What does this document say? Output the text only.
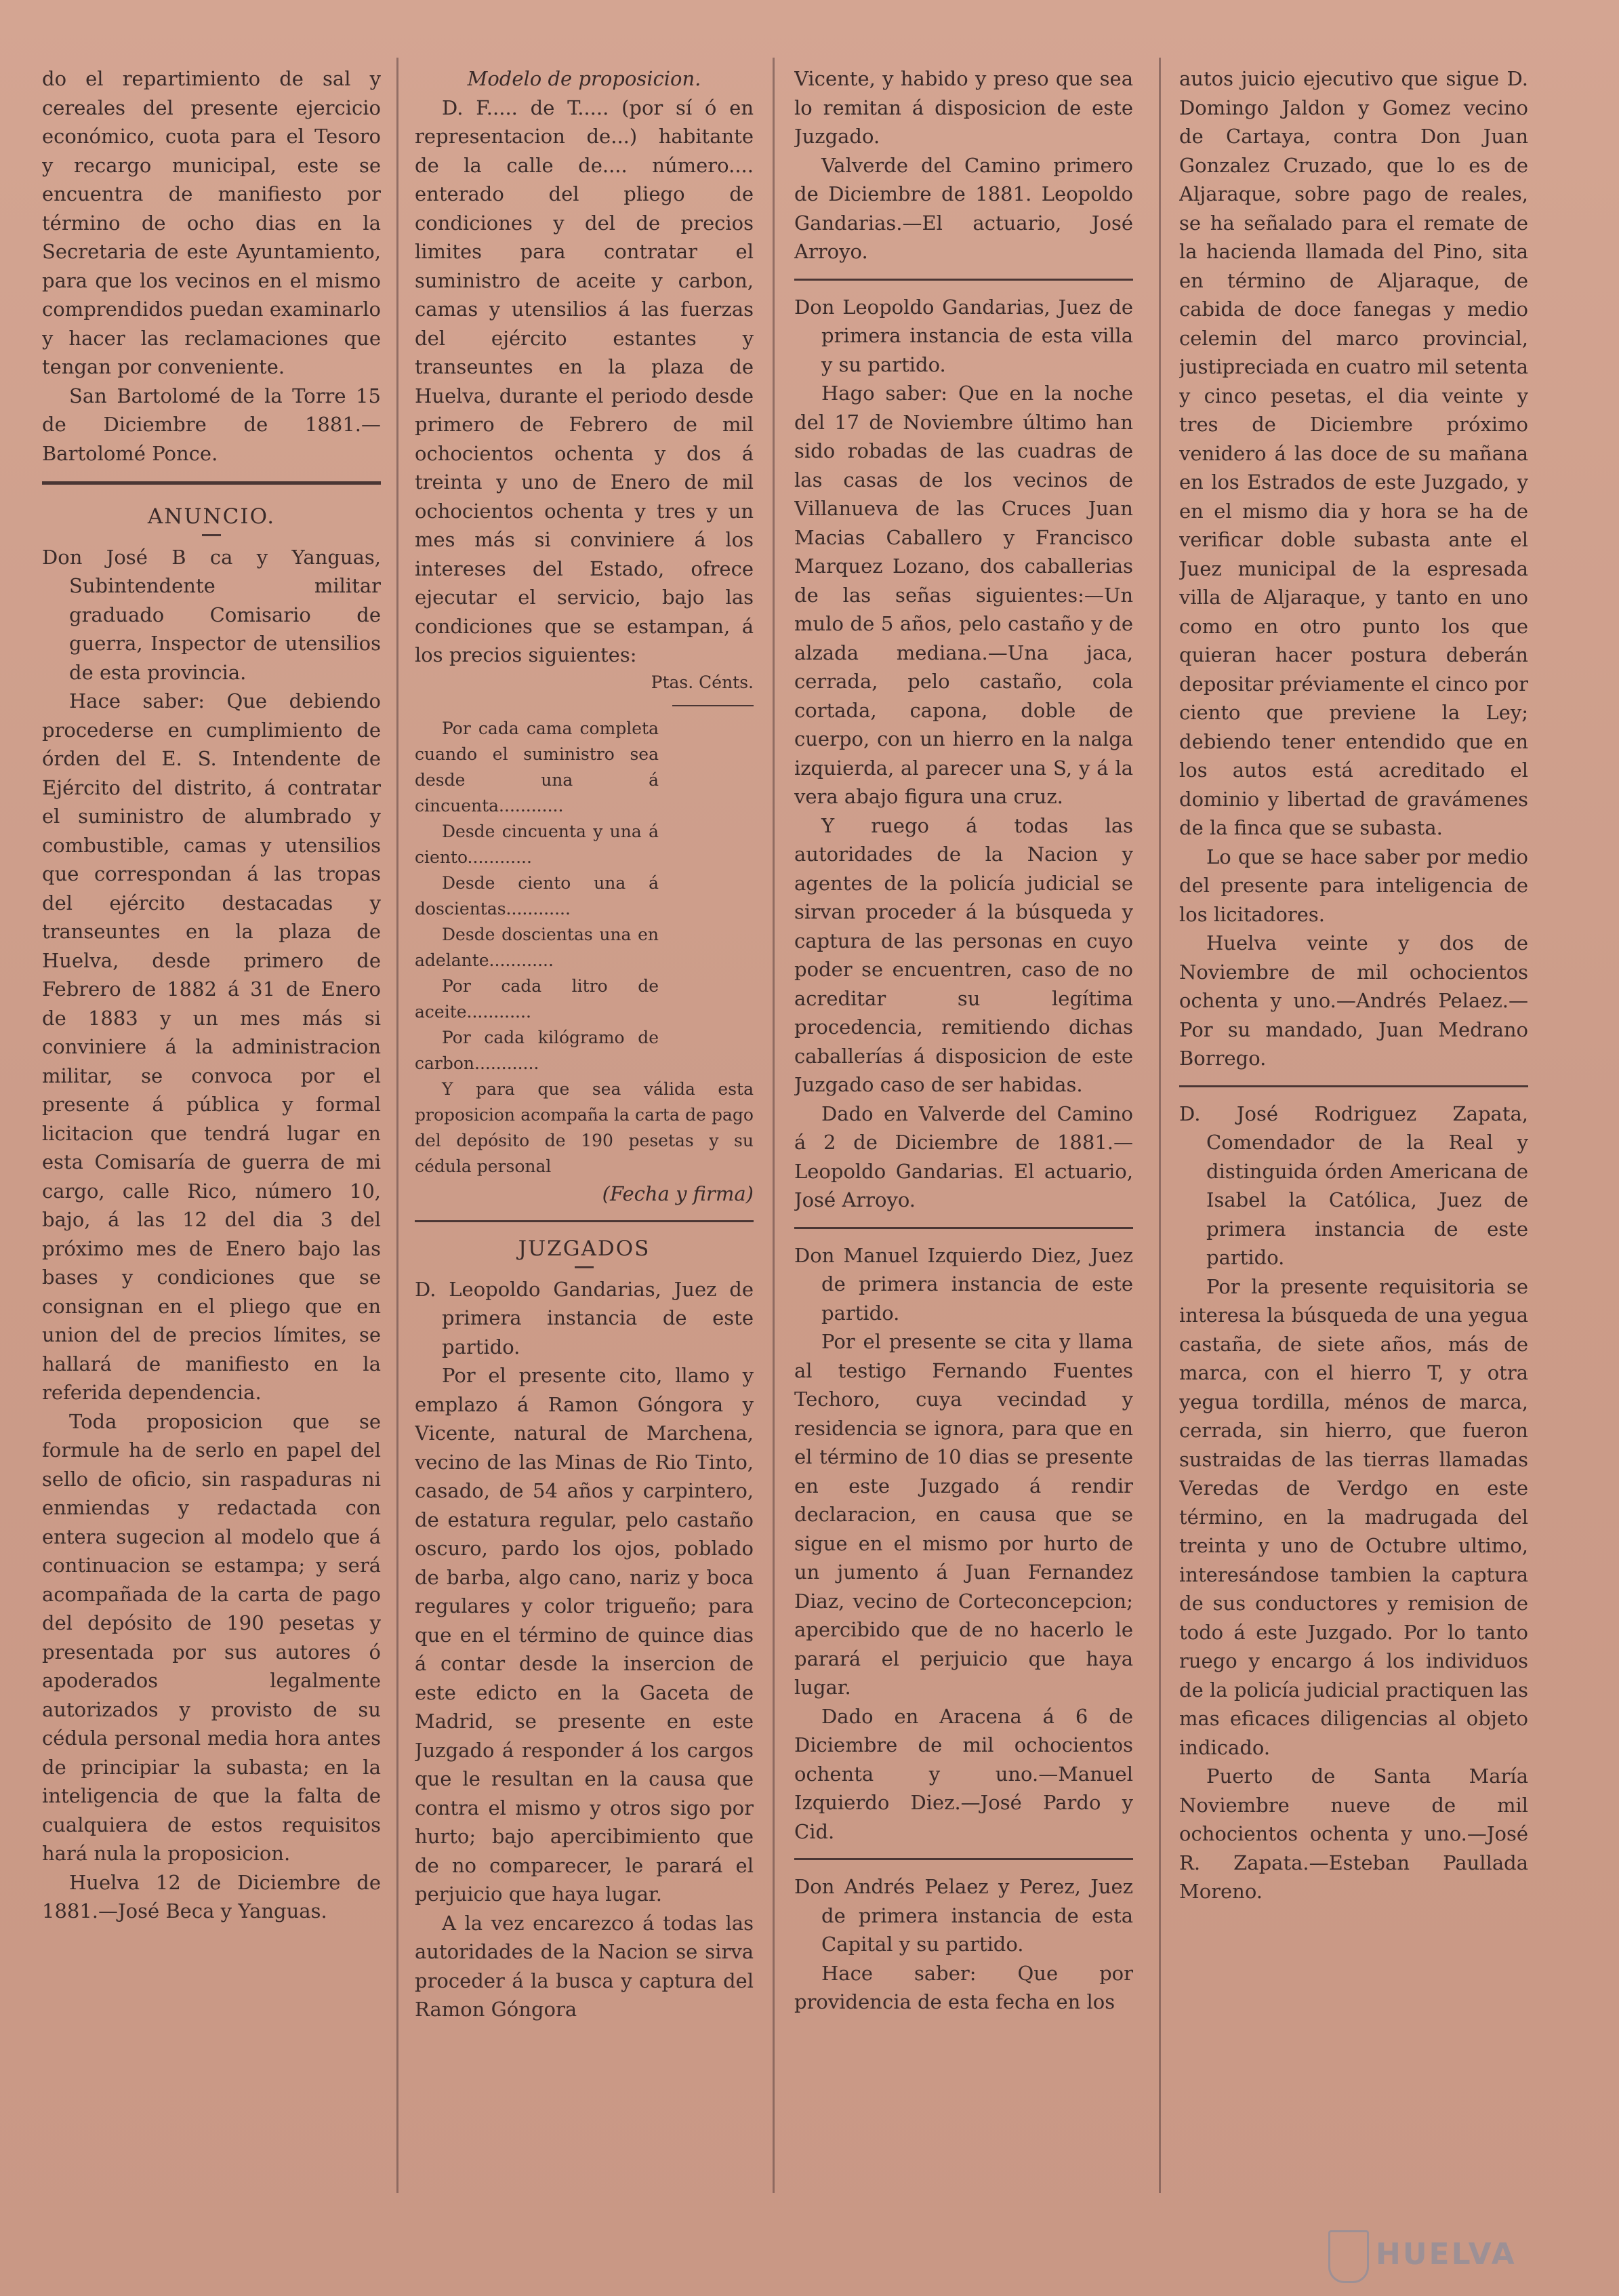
do el repartimiento de sal y cereales del presente ejercicio económico, cuota para el Tesoro y recargo municipal, este se encuentra de manifiesto por término de ocho dias en la Secretaria de este Ayuntamiento, para que los vecinos en el mismo comprendidos puedan examinarlo y hacer las reclamaciones que tengan por conveniente.

San Bartolomé de la Torre 15 de Diciembre de 1881.—Bartolomé Ponce.

ANUNCIO.

Don José B ca y Yanguas, Subintendente militar graduado Comisario de guerra, Inspector de utensilios de esta provincia.

Hace saber: Que debiendo procederse en cumplimiento de órden del E. S. Intendente de Ejército del distrito, á contratar el suministro de alumbrado y combustible, camas y utensilios que correspondan á las tropas del ejército destacadas y transeuntes en la plaza de Huelva, desde primero de Febrero de 1882 á 31 de Enero de 1883 y un mes más si conviniere á la administracion militar, se convoca por el presente á pública y formal licitacion que tendrá lugar en esta Comisaría de guerra de mi cargo, calle Rico, número 10, bajo, á las 12 del dia 3 del próximo mes de Enero bajo las bases y condiciones que se consignan en el pliego que en union del de precios límites, se hallará de manifiesto en la referida dependencia.

Toda proposicion que se formule ha de serlo en papel del sello de oficio, sin raspaduras ni enmiendas y redactada con entera sugecion al modelo que á continuacion se estampa; y será acompañada de la carta de pago del depósito de 190 pesetas y presentada por sus autores ó apoderados legalmente autorizados y provisto de su cédula personal media hora antes de principiar la subasta; en la inteligencia de que la falta de cualquiera de estos requisitos hará nula la proposicion.

Huelva 12 de Diciembre de 1881.—José Beca y Yanguas.

Modelo de proposicion.

D. F..... de T..... (por sí ó en representacion de...) habitante de la calle de.... número.... enterado del pliego de condiciones y del de precios limites para contratar el suministro de aceite y carbon, camas y utensilios á las fuerzas del ejército estantes y transeuntes en la plaza de Huelva, durante el periodo desde primero de Febrero de mil ochocientos ochenta y dos á treinta y uno de Enero de mil ochocientos ochenta y tres y un mes más si conviniere á los intereses del Estado, ofrece ejecutar el servicio, bajo las condiciones que se estampan, á los precios siguientes:

Ptas. Cénts.

Por cada cama completa cuando el suministro sea desde una á cincuenta............

Desde cincuenta y una á ciento............

Desde ciento una á doscientas............

Desde doscientas una en adelante............

Por cada litro de aceite............

Por cada kilógramo de carbon............

Y para que sea válida esta proposicion acompaña la carta de pago del depósito de 190 pesetas y su cédula personal

(Fecha y firma)

JUZGADOS

D. Leopoldo Gandarias, Juez de primera instancia de este partido.

Por el presente cito, llamo y emplazo á Ramon Góngora y Vicente, natural de Marchena, vecino de las Minas de Rio Tinto, casado, de 54 años y carpintero, de estatura regular, pelo castaño oscuro, pardo los ojos, poblado de barba, algo cano, nariz y boca regulares y color trigueño; para que en el término de quince dias á contar desde la insercion de este edicto en la Gaceta de Madrid, se presente en este Juzgado á responder á los cargos que le resultan en la causa que contra el mismo y otros sigo por hurto; bajo apercibimiento que de no comparecer, le parará el perjuicio que haya lugar.

A la vez encarezco á todas las autoridades de la Nacion se sirva proceder á la busca y captura del Ramon Góngora

Vicente, y habido y preso que sea lo remitan á disposicion de este Juzgado.

Valverde del Camino primero de Diciembre de 1881. Leopoldo Gandarias.—El actuario, José Arroyo.

Don Leopoldo Gandarias, Juez de primera instancia de esta villa y su partido.

Hago saber: Que en la noche del 17 de Noviembre último han sido robadas de las cuadras de las casas de los vecinos de Villanueva de las Cruces Juan Macias Caballero y Francisco Marquez Lozano, dos caballerias de las señas siguientes:—Un mulo de 5 años, pelo castaño y de alzada mediana.—Una jaca, cerrada, pelo castaño, cola cortada, capona, doble de cuerpo, con un hierro en la nalga izquierda, al parecer una S, y á la vera abajo figura una cruz.

Y ruego á todas las autoridades de la Nacion y agentes de la policía judicial se sirvan proceder á la búsqueda y captura de las personas en cuyo poder se encuentren, caso de no acreditar su legítima procedencia, remitiendo dichas caballerías á disposicion de este Juzgado caso de ser habidas.

Dado en Valverde del Camino á 2 de Diciembre de 1881.—Leopoldo Gandarias. El actuario, José Arroyo.

Don Manuel Izquierdo Diez, Juez de primera instancia de este partido.

Por el presente se cita y llama al testigo Fernando Fuentes Techoro, cuya vecindad y residencia se ignora, para que en el término de 10 dias se presente en este Juzgado á rendir declaracion, en causa que se sigue en el mismo por hurto de un jumento á Juan Fernandez Diaz, vecino de Corteconcepcion; apercibido que de no hacerlo le parará el perjuicio que haya lugar.

Dado en Aracena á 6 de Diciembre de mil ochocientos ochenta y uno.—Manuel Izquierdo Diez.—José Pardo y Cid.

Don Andrés Pelaez y Perez, Juez de primera instancia de esta Capital y su partido.

Hace saber: Que por providencia de esta fecha en los

autos juicio ejecutivo que sigue D. Domingo Jaldon y Gomez vecino de Cartaya, contra Don Juan Gonzalez Cruzado, que lo es de Aljaraque, sobre pago de reales, se ha señalado para el remate de la hacienda llamada del Pino, sita en término de Aljaraque, de cabida de doce fanegas y medio celemin del marco provincial, justipreciada en cuatro mil setenta y cinco pesetas, el dia veinte y tres de Diciembre próximo venidero á las doce de su mañana en los Estrados de este Juzgado, y en el mismo dia y hora se ha de verificar doble subasta ante el Juez municipal de la espresada villa de Aljaraque, y tanto en uno como en otro punto los que quieran hacer postura deberán depositar préviamente el cinco por ciento que previene la Ley; debiendo tener entendido que en los autos está acreditado el dominio y libertad de gravámenes de la finca que se subasta.

Lo que se hace saber por medio del presente para inteligencia de los licitadores.

Huelva veinte y dos de Noviembre de mil ochocientos ochenta y uno.—Andrés Pelaez.—Por su mandado, Juan Medrano Borrego.

D. José Rodriguez Zapata, Comendador de la Real y distinguida órden Americana de Isabel la Católica, Juez de primera instancia de este partido.

Por la presente requisitoria se interesa la búsqueda de una yegua castaña, de siete años, más de marca, con el hierro T, y otra yegua tordilla, ménos de marca, cerrada, sin hierro, que fueron sustraidas de las tierras llamadas Veredas de Verdgo en este término, en la madrugada del treinta y uno de Octubre ultimo, interesándose tambien la captura de sus conductores y remision de todo á este Juzgado. Por lo tanto ruego y encargo á los individuos de la policía judicial practiquen las mas eficaces diligencias al objeto indicado.

Puerto de Santa María Noviembre nueve de mil ochocientos ochenta y uno.—José R. Zapata.—Esteban Paullada Moreno.

HUELVA
